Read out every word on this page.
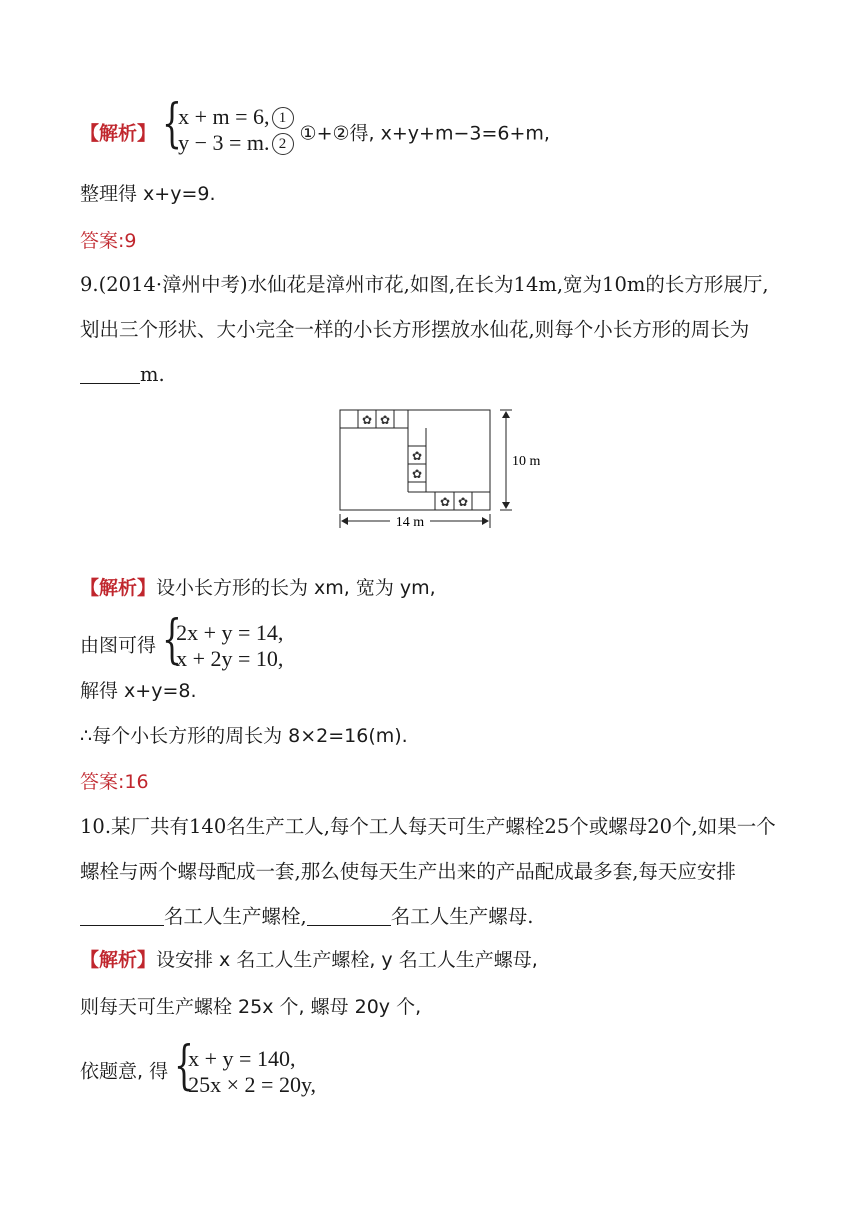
【解析】 {
x + m = 6, 1
y − 3 = m. 2 ①+②得, x+y+m−3=6+m,
整理得 x+y=9.
答案:9
9.(2014·漳州中考)水仙花是漳州市花,如图,在长为14m,宽为10m的长方形展厅,划出三个形状、大小完全一样的小长方形摆放水仙花,则每个小长方形的周长为m.
✿ ✿
✿
✿
✿ ✿
14 m
10 m
【解析】设小长方形的长为 xm, 宽为 ym,
由图可得 {
2x + y = 14,
x + 2y = 10,
解得 x+y=8.
∴每个小长方形的周长为 8×2=16(m).
答案:16
10.某厂共有140名生产工人,每个工人每天可生产螺栓25个或螺母20个,如果一个螺栓与两个螺母配成一套,那么使每天生产出来的产品配成最多套,每天应安排名工人生产螺栓,	名工人生产螺母.
【解析】设安排 x 名工人生产螺栓, y 名工人生产螺母,
则每天可生产螺栓 25x 个, 螺母 20y 个,
依题意, 得 {
x + y = 140,
25x × 2 = 20y,
